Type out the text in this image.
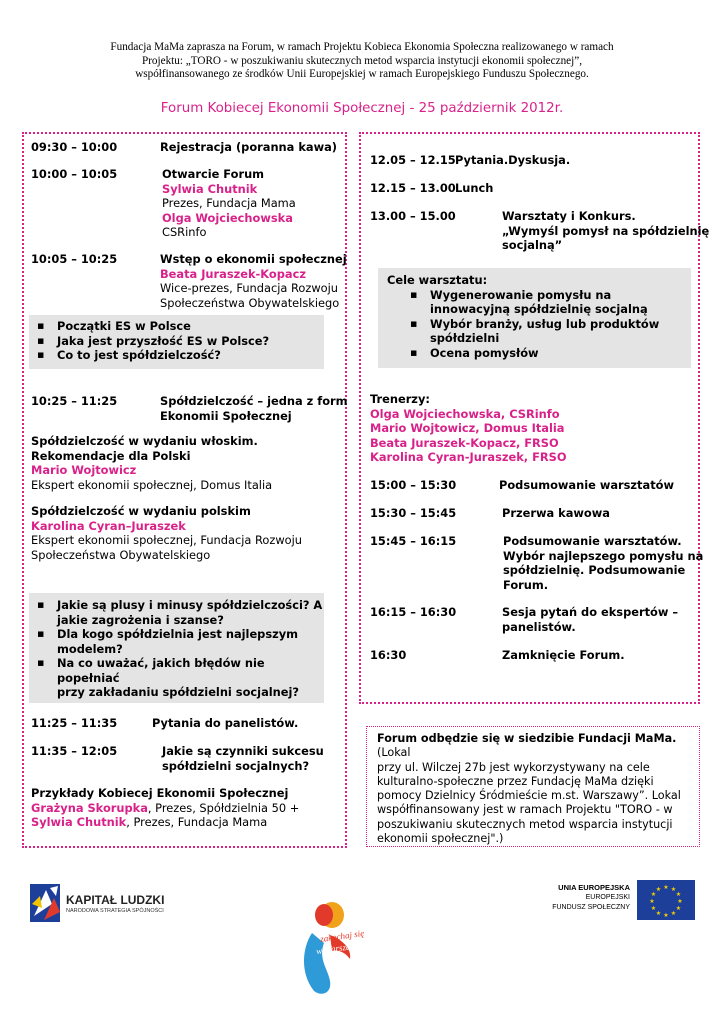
Fundacja MaMa zaprasza na Forum, w ramach Projektu Kobieca Ekonomia Społeczna realizowanego w ramach
Projektu: „TORO - w poszukiwaniu skutecznych metod wsparcia instytucji ekonomii społecznej”,
współfinansowanego ze środków Unii Europejskiej w ramach Europejskiego Funduszu Społecznego.
Forum Kobiecej Ekonomii Społecznej - 25 październik 2012r.
09:30 – 10:00	Rejestracja (poranna kawa)
10:00 – 10:05	Otwarcie Forum
Sylwia Chutnik
Prezes, Fundacja Mama
Olga Wojciechowska
CSRinfo
10:05 – 10:25	Wstęp o ekonomii społecznej
Beata Juraszek-Kopacz
Wice-prezes, Fundacja Rozwoju
Społeczeństwa Obywatelskiego
▪ Początki ES w Polsce
▪ Jaka jest przyszłość ES w Polsce?
▪ Co to jest spółdzielczość?
10:25 – 11:25	Spółdzielczość – jedna z form
Ekonomii Społecznej
Spółdzielczość w wydaniu włoskim.
Rekomendacje dla Polski
Mario Wojtowicz
Ekspert ekonomii społecznej, Domus Italia
Spółdzielczość w wydaniu polskim
Karolina Cyran–Juraszek
Ekspert ekonomii społecznej, Fundacja Rozwoju
Społeczeństwa Obywatelskiego
▪ Jakie są plusy i minusy spółdzielczości? A
jakie zagrożenia i szanse?
▪ Dla kogo spółdzielnia jest najlepszym
modelem?
▪ Na co uważać, jakich błędów nie popełniać
przy zakładaniu spółdzielni socjalnej?
11:25 – 11:35	Pytania do panelistów.
11:35 – 12:05	Jakie są czynniki sukcesu
spółdzielni socjalnych?
Przykłady Kobiecej Ekonomii Społecznej
Grażyna Skorupka, Prezes, Spółdzielnia 50 +
Sylwia Chutnik, Prezes, Fundacja Mama
12.05 – 12.15 Pytania.Dyskusja.
12.15 – 13.00 Lunch
13.00 – 15.00	Warsztaty i Konkurs.
„Wymyśl pomysł na spółdzielnię
socjalną”
Cele warsztatu:
▪ Wygenerowanie pomysłu na
innowacyjną spółdzielnię socjalną
▪ Wybór branży, usług lub produktów
spółdzielni
▪ Ocena pomysłów
Trenerzy:
Olga Wojciechowska, CSRinfo
Mario Wojtowicz, Domus Italia
Beata Juraszek-Kopacz, FRSO
Karolina Cyran-Juraszek, FRSO
15:00 – 15:30	Podsumowanie warsztatów
15:30 – 15:45	Przerwa kawowa
15:45 – 16:15	Podsumowanie warsztatów.
Wybór najlepszego pomysłu na
spółdzielnię. Podsumowanie
Forum.
16:15 – 16:30	Sesja pytań do ekspertów –
panelistów.
16:30	Zamknięcie Forum.
Forum odbędzie się w siedzibie Fundacji MaMa. (Lokal
przy ul. Wilczej 27b jest wykorzystywany na cele
kulturalno-społeczne przez Fundację MaMa dzięki
pomocy Dzielnicy Śródmieście m.st. Warszawy”. Lokal
współfinansowany jest w ramach Projektu "TORO - w
poszukiwaniu skutecznych metod wsparcia instytucji
ekonomii społecznej".)
KAPITAŁ LUDZKI
NARODOWA STRATEGIA SPÓJNOŚCI
zakochaj się
w Warszawie
UNIA EUROPEJSKA
EUROPEJSKI
FUNDUSZ SPOŁECZNY
★ ★
★
★
★
★
★
★
★
★
★
★
